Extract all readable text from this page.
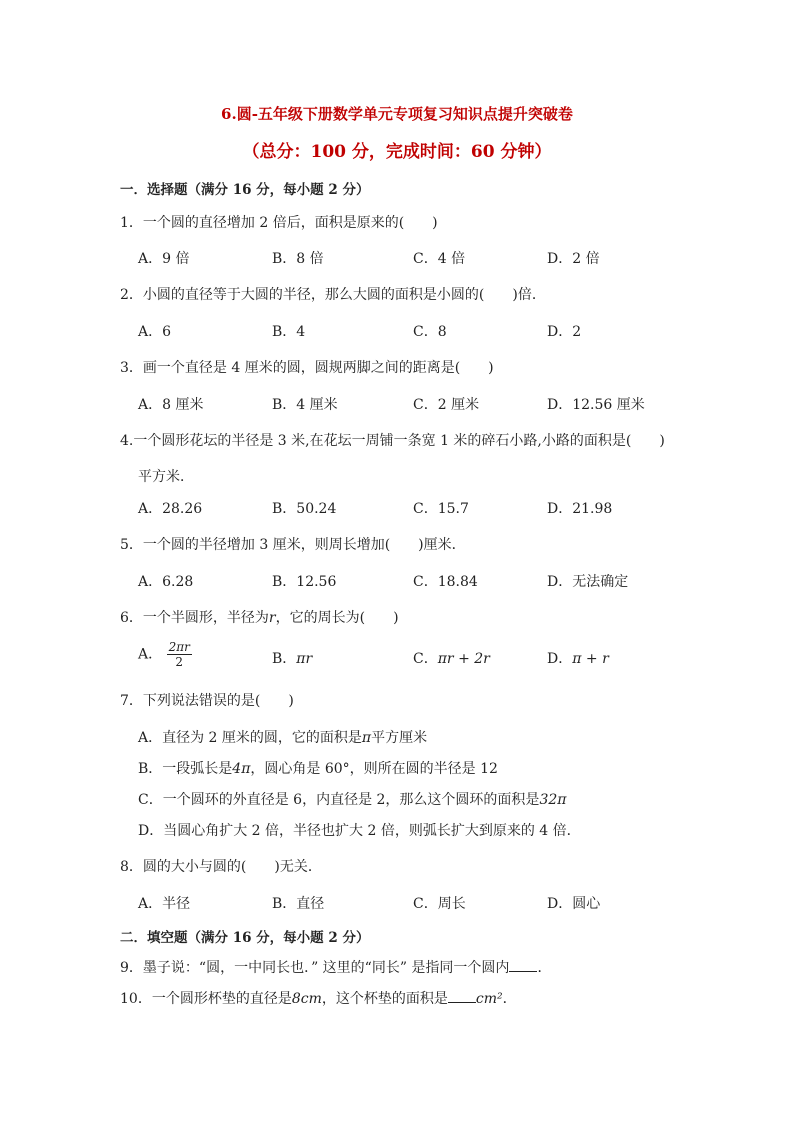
6.圆-五年级下册数学单元专项复习知识点提升突破卷
（总分：100 分，完成时间：60 分钟）
一．选择题（满分 16 分，每小题 2 分）
1．一个圆的直径增加 2 倍后，面积是原来的(　　)
A．9 倍	B．8 倍	C．4 倍	D．2 倍
2．小圆的直径等于大圆的半径，那么大圆的面积是小圆的(　　)倍．
A．6	B．4	C．8	D．2
3．画一个直径是 4 厘米的圆，圆规两脚之间的距离是(　　)
A．8 厘米	B．4 厘米	C．2 厘米	D．12.56 厘米
4.一个圆形花坛的半径是 3 米,在花坛一周铺一条宽 1 米的碎石小路,小路的面积是(　　)
平方米．
A．28.26	B．50.24	C．15.7	D．21.98
5．一个圆的半径增加 3 厘米，则周长增加(　　)厘米．
A．6.28	B．12.56	C．18.84	D．无法确定
6．一个半圆形，半径为r，它的周长为(　　)
A． $\frac{2\pi r}{2}$	B．πr	C．πr + 2r	D．π + r
7．下列说法错误的是(　　)
A．直径为 2 厘米的圆，它的面积是π平方厘米
B．一段弧长是4π，圆心角是 60°，则所在圆的半径是 12
C．一个圆环的外直径是 6，内直径是 2，那么这个圆环的面积是32π
D．当圆心角扩大 2 倍，半径也扩大 2 倍，则弧长扩大到原来的 4 倍．
8．圆的大小与圆的(　　)无关．
A．半径	B．直径	C．周长	D．圆心
二．填空题（满分 16 分，每小题 2 分）
9．墨子说：“圆，一中同长也．” 这里的“同长” 是指同一个圆内 ．
10．一个圆形杯垫的直径是8cm，这个杯垫的面积是 cm²．
